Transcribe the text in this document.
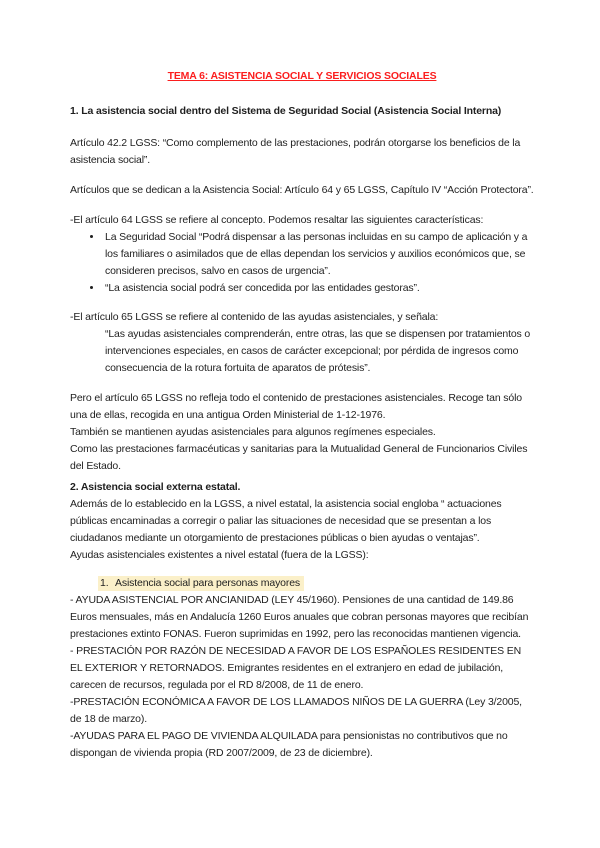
TEMA 6: ASISTENCIA SOCIAL Y SERVICIOS SOCIALES
1. La asistencia social dentro del Sistema de Seguridad Social (Asistencia Social Interna)

Artículo 42.2 LGSS: “Como complemento de las prestaciones, podrán otorgarse los beneficios de la asistencia social”.

Artículos que se dedican a la Asistencia Social: Artículo 64 y 65 LGSS, Capítulo IV “Acción Protectora”.

-El artículo 64 LGSS se refiere al concepto. Podemos resaltar las siguientes características:

• La Seguridad Social “Podrá dispensar a las personas incluidas en su campo de aplicación y a los familiares o asimilados que de ellas dependan los servicios y auxilios económicos que, se consideren precisos, salvo en casos de urgencia”.
• “La asistencia social podrá ser concedida por las entidades gestoras”.

-El artículo 65 LGSS se refiere al contenido de las ayudas asistenciales, y señala:

“Las ayudas asistenciales comprenderán, entre otras, las que se dispensen por tratamientos o intervenciones especiales, en casos de carácter excepcional; por pérdida de ingresos como consecuencia de la rotura fortuita de aparatos de prótesis”.
Pero el artículo 65 LGSS no refleja todo el contenido de prestaciones asistenciales. Recoge tan sólo una de ellas, recogida en una antigua Orden Ministerial de 1-12-1976.
También se mantienen ayudas asistenciales para algunos regímenes especiales.
Como las prestaciones farmacéuticas y sanitarias para la Mutualidad General de Funcionarios Civiles del Estado.
2. Asistencia social externa estatal.
Además de lo establecido en la LGSS, a nivel estatal, la asistencia social engloba “ actuaciones públicas encaminadas a corregir o paliar las situaciones de necesidad que se presentan a los ciudadanos mediante un otorgamiento de prestaciones públicas o bien ayudas o ventajas”.
Ayudas asistenciales existentes a nivel estatal (fuera de la LGSS):
1. Asistencia social para personas mayores
- AYUDA ASISTENCIAL POR ANCIANIDAD (LEY 45/1960). Pensiones de una cantidad de 149.86 Euros mensuales, más en Andalucía 1260 Euros anuales que cobran personas mayores que recibían prestaciones extinto FONAS. Fueron suprimidas en 1992, pero las reconocidas mantienen vigencia.
- PRESTACIÓN POR RAZÓN DE NECESIDAD A FAVOR DE LOS ESPAÑOLES RESIDENTES EN EL EXTERIOR Y RETORNADOS. Emigrantes residentes en el extranjero en edad de jubilación, carecen de recursos, regulada por el RD 8/2008, de 11 de enero.
-PRESTACIÓN ECONÓMICA A FAVOR DE LOS LLAMADOS NIÑOS DE LA GUERRA (Ley 3/2005, de 18 de marzo).
-AYUDAS PARA EL PAGO DE VIVIENDA ALQUILADA para pensionistas no contributivos que no dispongan de vivienda propia (RD 2007/2009, de 23 de diciembre).
